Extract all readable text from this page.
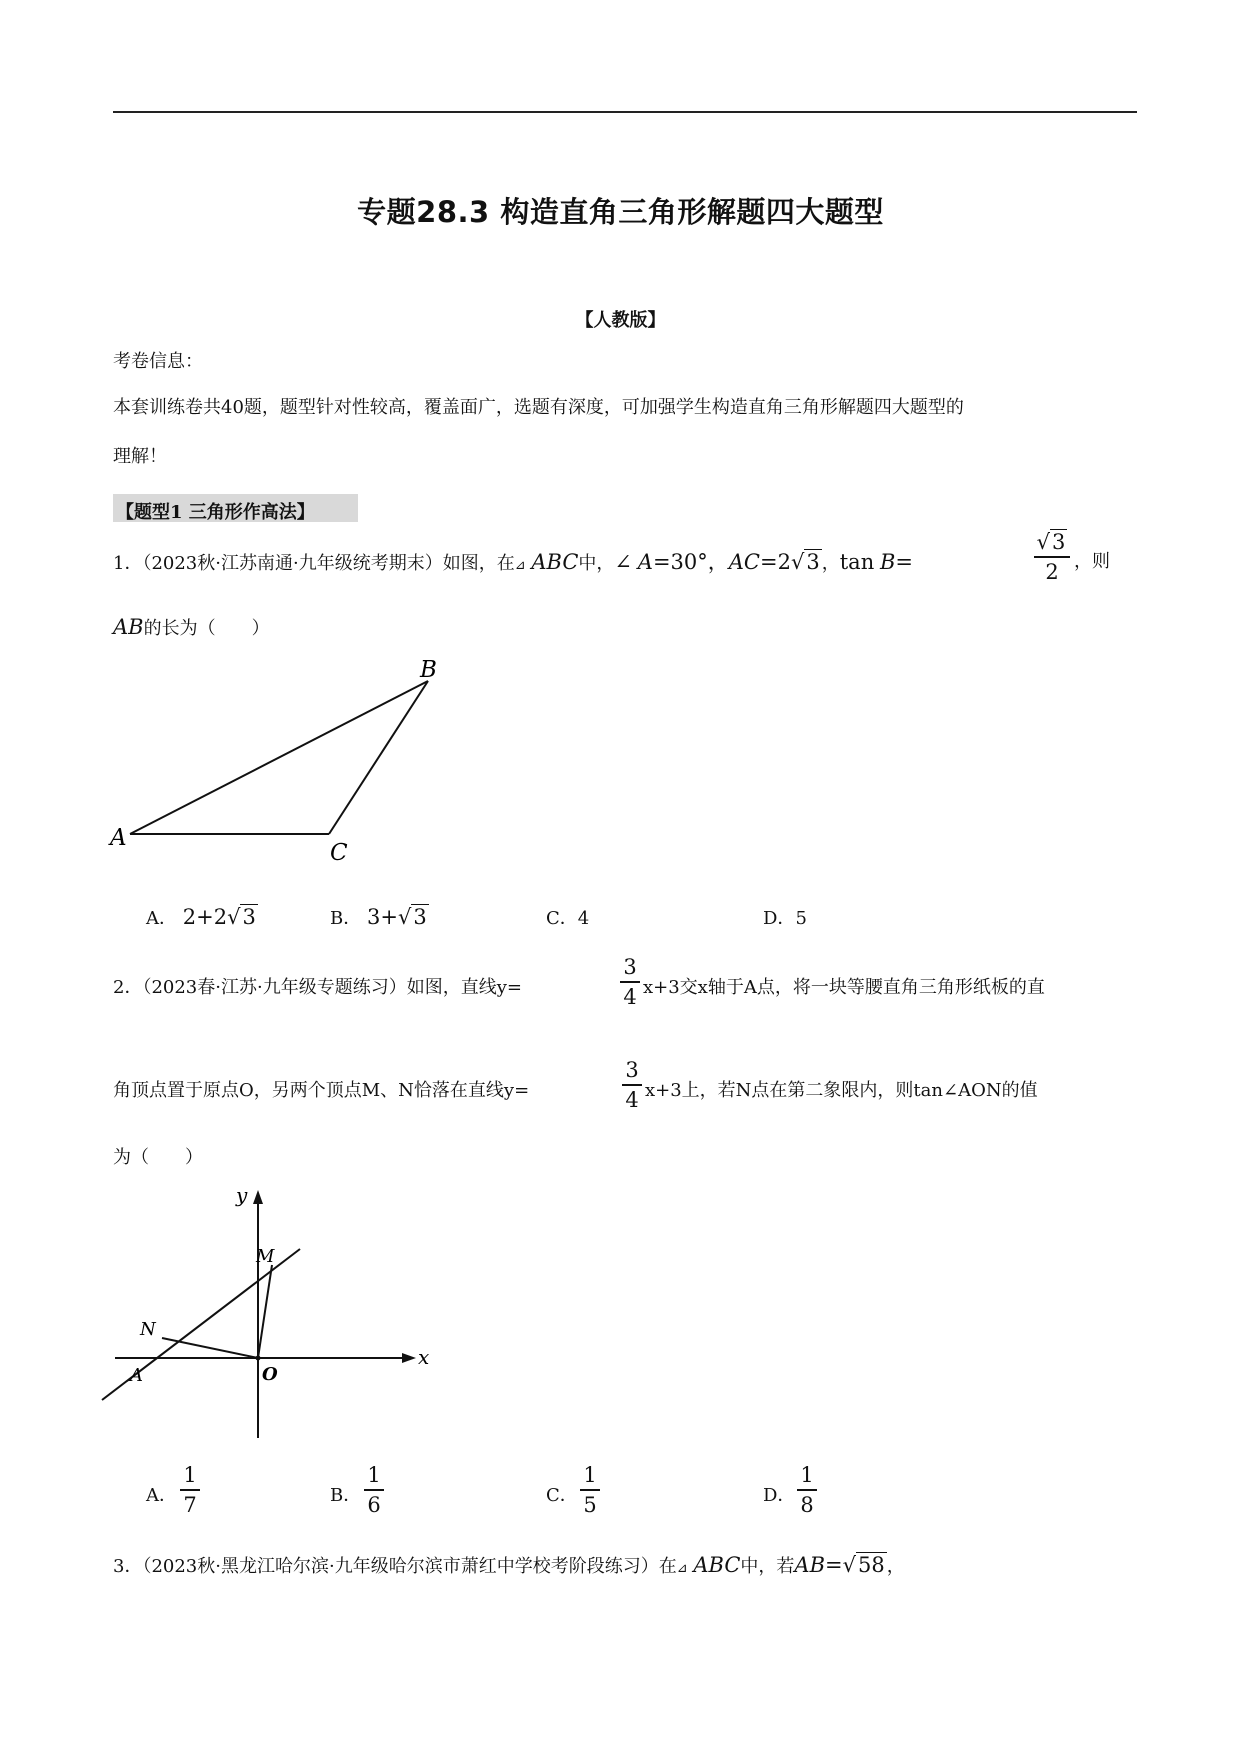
专题28.3 构造直角三角形解题四大题型
【人教版】
考卷信息：
本套训练卷共40题，题型针对性较高，覆盖面广，选题有深度，可加强学生构造直角三角形解题四大题型的
理解！
【题型1 三角形作高法】
1．（2023秋·江苏南通·九年级统考期末）如图，在⊿ ABC中，∠ A=30°，AC=2√3 ，tan B=
√3
2 ，则
AB的长为（　　）
B
A
C
A． 2+2√3	B． 3+√3	C．4	D．5
2．（2023春·江苏·九年级专题练习）如图，直线y=
3
4 x+3交x轴于A点，将一块等腰直角三角形纸板的直
角顶点置于原点O，另两个顶点M、N恰落在直线y=
3
4 x+3上，若N点在第二象限内，则tan∠AON的值
为（　　）
y
x
M
N
A	O
A．
1
7	B．
1
6	C．
1
5	D．
1
8
3．（2023秋·黑龙江哈尔滨·九年级哈尔滨市萧红中学校考阶段练习）在⊿ ABC中，若AB=√58 ，
